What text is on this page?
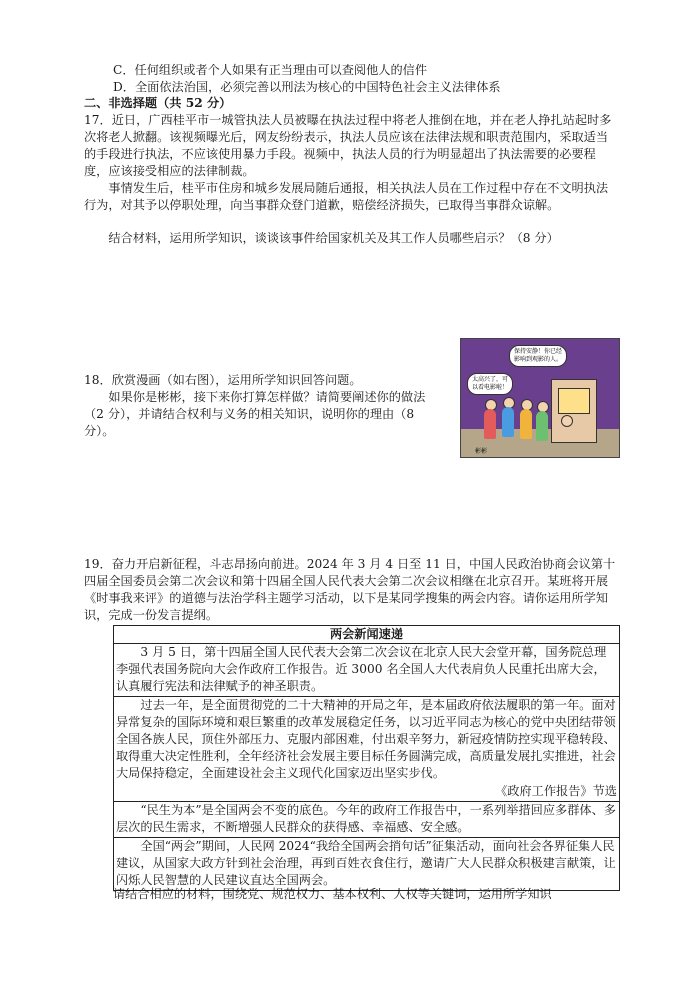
C．任何组织或者个人如果有正当理由可以查阅他人的信件
D．全面依法治国，必须完善以刑法为核心的中国特色社会主义法律体系
二、非选择题（共 52 分）
17．近日，广西桂平市一城管执法人员被曝在执法过程中将老人推倒在地，并在老人挣扎站起时多次将老人掀翻。该视频曝光后，网友纷纷表示，执法人员应该在法律法规和职责范围内，采取适当的手段进行执法，不应该使用暴力手段。视频中，执法人员的行为明显超出了执法需要的必要程度，应该接受相应的法律制裁。
事情发生后，桂平市住房和城乡发展局随后通报，相关执法人员在工作过程中存在不文明执法行为，对其予以停职处理，向当事群众登门道歉，赔偿经济损失，已取得当事群众谅解。
结合材料，运用所学知识，谈谈该事件给国家机关及其工作人员哪些启示？（8 分）
18．欣赏漫画（如右图），运用所学知识回答问题。
如果你是彬彬，接下来你打算怎样做？请简要阐述你的做法（2 分），并请结合权利与义务的相关知识，说明你的理由（8 分）。
保持安静！你已经
影响到观影的人。
太高兴了，可
以看电影啦！
彬彬
19．奋力开启新征程，斗志昂扬向前进。2024 年 3 月 4 日至 11 日，中国人民政治协商会议第十四届全国委员会第二次会议和第十四届全国人民代表大会第二次会议相继在北京召开。某班将开展《时事我来评》的道德与法治学科主题学习活动，以下是某同学搜集的两会内容。请你运用所学知识，完成一份发言提纲。
两会新闻速递
3 月 5 日，第十四届全国人民代表大会第二次会议在北京人民大会堂开幕，国务院总理李强代表国务院向大会作政府工作报告。近 3000 名全国人大代表肩负人民重托出席大会，认真履行宪法和法律赋予的神圣职责。
过去一年，是全面贯彻党的二十大精神的开局之年，是本届政府依法履职的第一年。面对异常复杂的国际环境和艰巨繁重的改革发展稳定任务，以习近平同志为核心的党中央团结带领全国各族人民，顶住外部压力、克服内部困难，付出艰辛努力，新冠疫情防控实现平稳转段、取得重大决定性胜利，全年经济社会发展主要目标任务圆满完成，高质量发展扎实推进，社会大局保持稳定，全面建设社会主义现代化国家迈出坚实步伐。
《政府工作报告》节选
“民生为本”是全国两会不变的底色。今年的政府工作报告中，一系列举措回应多群体、多层次的民生需求，不断增强人民群众的获得感、幸福感、安全感。
全国“两会”期间，人民网 2024“我给全国两会捎句话”征集活动，面向社会各界征集人民建议，从国家大政方针到社会治理，再到百姓衣食住行，邀请广大人民群众积极建言献策，让闪烁人民智慧的人民建议直达全国两会。
请结合相应的材料，围绕党、规范权力、基本权利、人权等关键词，运用所学知识
